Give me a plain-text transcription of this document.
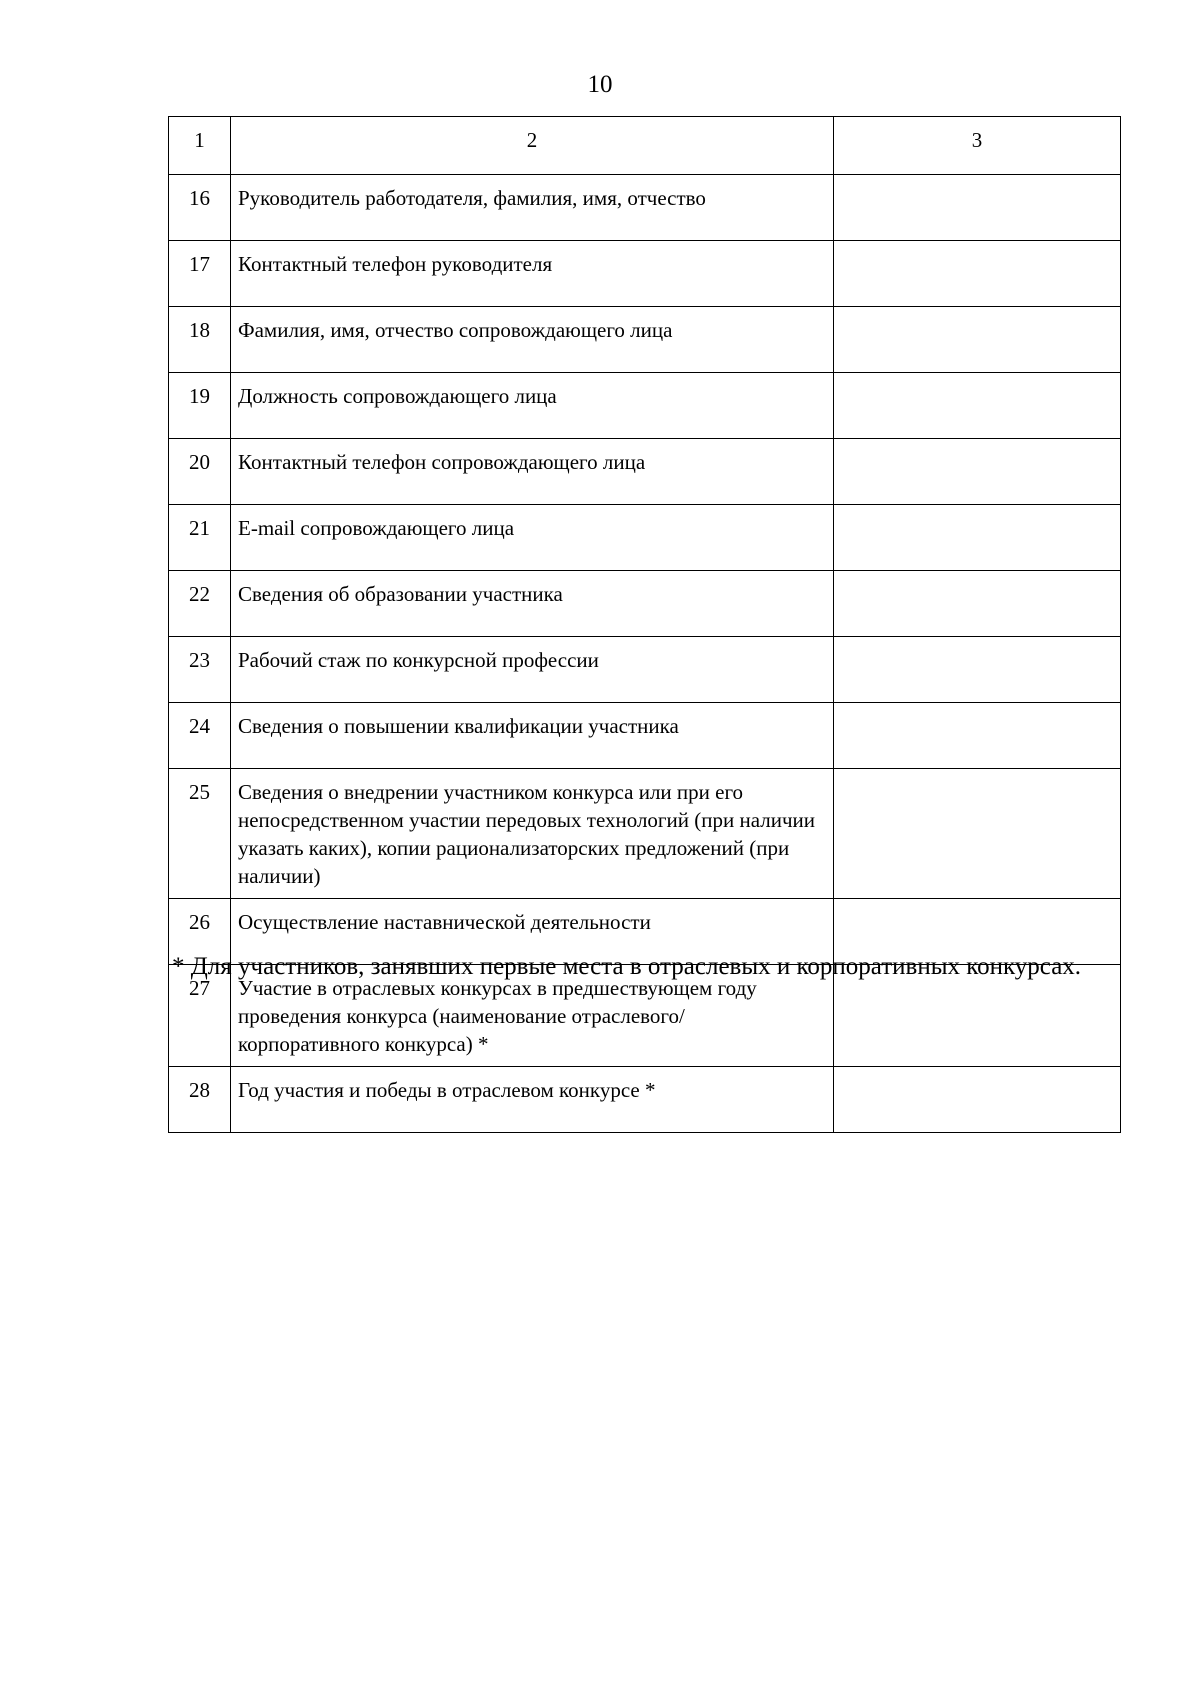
10
1	2	3
16	Руководитель работодателя, фамилия, имя, отчество	
17	Контактный телефон руководителя	
18	Фамилия, имя, отчество сопровождающего лица	
19	Должность сопровождающего лица	
20	Контактный телефон сопровождающего лица	
21	E-mail сопровождающего лица	
22	Сведения об образовании участника	
23	Рабочий стаж по конкурсной профессии	
24	Сведения о повышении квалификации участника	
25	Сведения о внедрении участником конкурса или при его непосредственном участии передовых технологий (при наличии указать каких), копии рационализаторских предложений (при наличии)	
26	Осуществление наставнической деятельности	
27	Участие в отраслевых конкурсах в предшествующем году проведения конкурса (наименование отраслевого/корпоративного конкурса) *	
28	Год участия и победы в отраслевом конкурсе *	
* Для участников, занявших первые места в отраслевых и корпоративных конкурсах.
